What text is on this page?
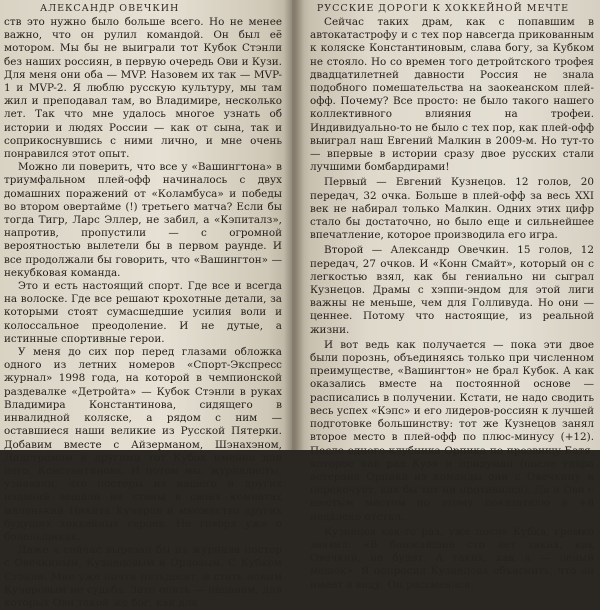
АЛЕКСАНДР ОВЕЧКИН

ств это нужно было больше всего. Но не менее важно, что он рулил командой. Он был её мотором. Мы бы не выиграли тот Кубок Стэнли без наших россиян, в первую очередь Ови и Кузи. Для меня они оба — MVP. Назовем их так — MVP-1 и MVP-2. Я люблю русскую культуру, мы там жил и преподавал там, во Владимире, несколько лет. Так что мне удалось многое узнать об истории и людях России — как от сына, так и соприкоснувшись с ними лично, и мне очень понравился этот опыт.

Можно ли поверить, что все у «Вашингтона» в триумфальном плей-офф начиналось с двух домашних поражений от «Коламбуса» и победы во втором овертайме (!) третьего матча? Если бы тогда Тигр, Ларс Эллер, не забил, а «Кэпиталз», напротив, пропустили — с огромной вероятностью вылетели бы в первом раунде. И все продолжали бы говорить, что «Вашингтон» — некубковая команда.

Это и есть настоящий спорт. Где все и всегда на волоске. Где все решают крохотные детали, за которыми стоят сумасшедшие усилия воли и колоссальное преодоление. И не дутые, а истинные спортивные герои.

У меня до сих пор перед глазами обложка одного из летних номеров «Спорт-Экспресс журнал» 1998 года, на которой в чемпионской раздевалке «Детройта» — Кубок Стэнли в руках Владимира Константинова, сидящего в инвалидной коляске, а рядом с ним — оставшиеся наши великие из Русской Пятерки. Добавим вместе с Айзерманом, Шэнахэном, Лидстремом и другими тот Кубок именно для него, Константинова. И потом мы, журналисты, узнавали, что постеры из нашего и других изданий вешали на стены в своих комнатах маленький Никита Кучеров и множество других будущих хоккейных героев. Не говоря уже о болельщиках.

Даже я сейчас вырезал бы из журнала постер с Овечкиным, Кузнецовым и Орловым. С Кубком Стэнли. Мне уже почти пятьдесят, и стать новым Кучеровым не судьба. Зато опять — пацанам, для которых Ови такой же бог, как для

РУССКИЕ ДОРОГИ К ХОККЕЙНОЙ МЕЧТЕ

Сейчас таких драм, как с попавшим в автокатастрофу и с тех пор навсегда прикованным к коляске Константиновым, слава богу, за Кубком не стояло. Но со времен того детройтского трофея двадцатилетней давности Россия не знала подобного помешательства на заокеанском плей-офф. Почему? Все просто: не было такого нашего коллективного влияния на трофеи. Индивидуально-то не было с тех пор, как плей-офф выиграл наш Евгений Малкин в 2009-м. Но тут-то — впервые в истории сразу двое русских стали лучшими бомбардирами!

Первый — Евгений Кузнецов. 12 голов, 20 передач, 32 очка. Больше в плей-офф за весь XXI век не набирал только Малкин. Одних этих цифр стало бы достаточно, но было еще и сильнейшее впечатление, которое производила его игра.

Второй — Александр Овечкин. 15 голов, 12 передач, 27 очков. И «Конн Смайт», который он с легкостью взял, как бы гениально ни сыграл Кузнецов. Драмы с хэппи-эндом для этой лиги важны не меньше, чем для Голливуда. Но они — ценнее. Потому что настоящие, из реальной жизни.

И вот ведь как получается — пока эти двое были порознь, объединяясь только при численном преимуществе, «Вашингтон» не брал Кубок. А как оказались вместе на постоянной основе — расписались в получении. Кстати, не надо сводить весь успех «Кэпс» и его лидеров-россиян к лучшей подготовке большинству: тот же Кузнецов занял второе место в плей-офф по плюс-минусу (+12). После одного-клубника Орпика по прозвищу Батя, которое как раз Кузя и придумал (после удара ветерана Орпика из команды они с Овечкину и перекочует, как бы тот ни противился). Да и Ови с шестым местом по этому показателю в +8 недалеко отстал.

Кузнецов как-то раз, уже после Кубка, громко заявил: «В ближайшие сто лет таких, как Овечкин, не будет. А таких, как я — целый мешок». Я попросил Кузнецова объяснить, что он имеет в виду. Он рассмеялся:
